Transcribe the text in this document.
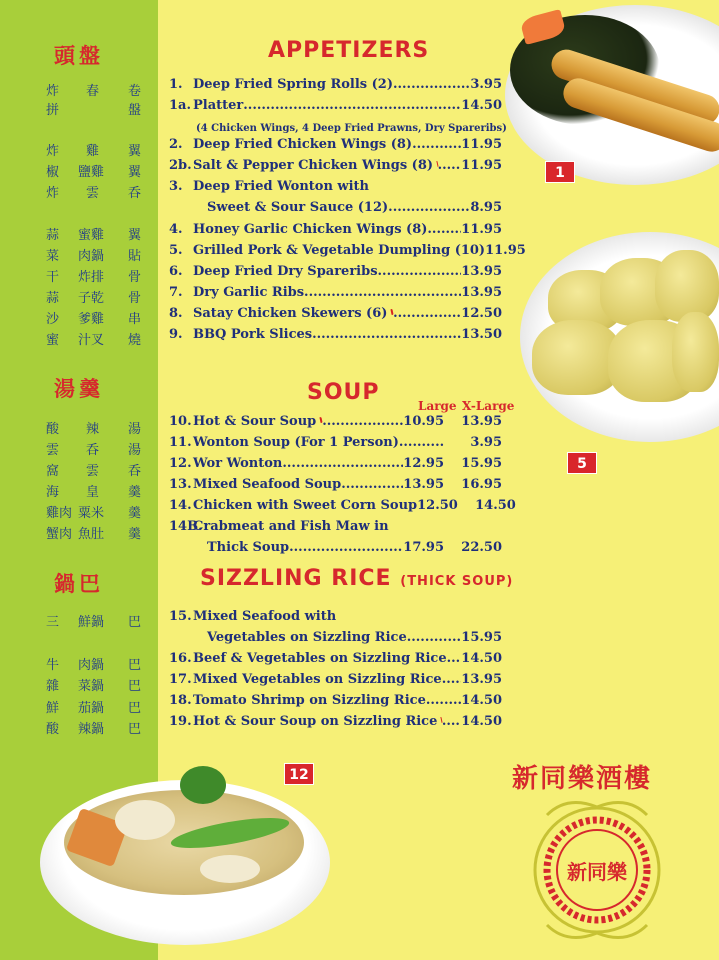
頭盤
湯羹
鍋巴
炸 春 卷
拼	盤
炸 雞 翼
椒 鹽雞 翼
炸 雲 呑
蒜 蜜雞 翼
菜 肉鍋 貼
干 炸排 骨
蒜 子乾 骨
沙 爹雞 串
蜜 汁叉 燒
酸 辣 湯
雲 呑 湯
窩 雲 呑
海 皇 羹
雞肉 粟米 羹
蟹肉 魚肚 羹
三 鮮鍋 巴
牛 肉鍋 巴
雜 菜鍋 巴
鮮 茄鍋 巴
酸 辣鍋 巴
APPETIZERS
1. Deep Fried Spring Rolls (2) .....	3.95
1a. Platter .....	14.50
2. Deep Fried Chicken Wings (8) .....	11.95
2b. Salt & Pepper Chicken Wings (8) ..... 11.95
3. Deep Fried Wonton with
Sweet & Sour Sauce (12) .....	8.95
4. Honey Garlic Chicken Wings (8) .....	11.95
5. Grilled Pork & Vegetable Dumpling (10) 11.95
6. Deep Fried Dry Spareribs .....	13.95
7. Dry Garlic Ribs .....	13.95
8. Satay Chicken Skewers (6) .....	12.50
9. BBQ Pork Slices .....	13.50
(4 Chicken Wings, 4 Deep Fried Prawns, Dry Spareribs)
SOUP
Large X-Large
10. Hot & Sour Soup .....	10.95	13.95
11. Wonton Soup (For 1 Person) .....	3.95
12. Wor Wonton .....	12.95	15.95
13. Mixed Seafood Soup .....	13.95	16.95
14. Chicken with Sweet Corn Soup 12.50	14.50
14B.
Crabmeat and Fish Maw in
Thick Soup .....	17.95	22.50
SIZZLING RICE (THICK SOUP)
15. Mixed Seafood with
Vegetables on Sizzling Rice .....	15.95
16. Beef & Vegetables on Sizzling Rice ..... 14.50
17. Mixed Vegetables on Sizzling Rice ..... 13.95
18. Tomato Shrimp on Sizzling Rice .....	14.50
19. Hot & Sour Soup on Sizzling Rice ..... 14.50
1
5
12	新同樂酒樓
新同樂
